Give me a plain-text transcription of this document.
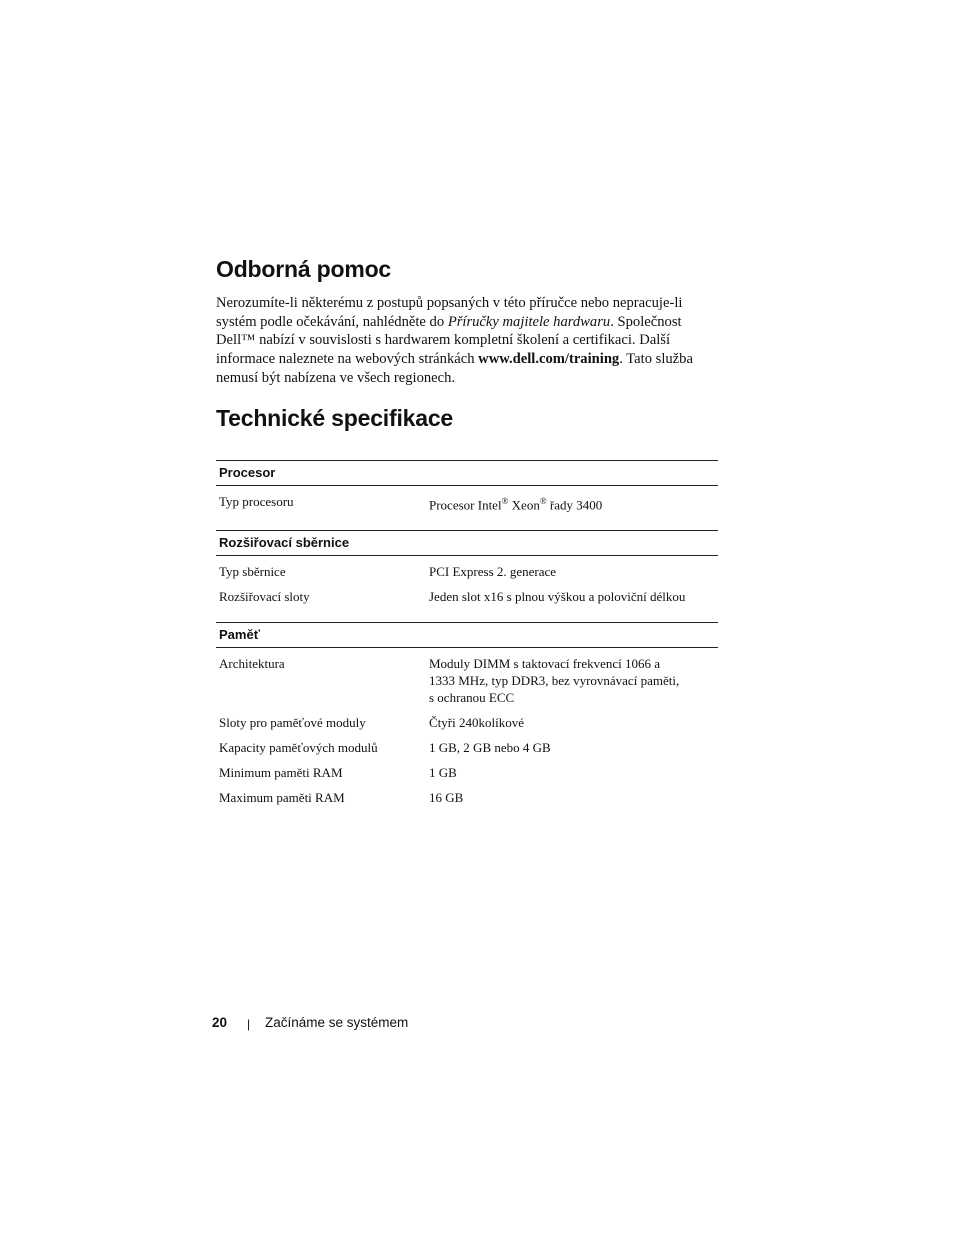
Odborná pomoc

Nerozumíte-li některému z postupů popsaných v této příručce nebo nepracuje-li systém podle očekávání, nahlédněte do Příručky majitele hardwaru. Společnost Dell™ nabízí v souvislosti s hardwarem kompletní školení a certifikaci. Další informace naleznete na webových stránkách www.dell.com/training. Tato služba nemusí být nabízena ve všech regionech.

Technické specifikace
Procesor	
Typ procesoru	Procesor Intel® Xeon® řady 3400

Rozšiřovací sběrnice	
Typ sběrnice	PCI Express 2. generace
Rozšiřovací sloty	Jeden slot x16 s plnou výškou a poloviční délkou

Paměť	
Architektura	Moduly DIMM s taktovací frekvencí 1066 a
1333 MHz, typ DDR3, bez vyrovnávací paměti,
s ochranou ECC
Sloty pro paměťové moduly	Čtyři 240kolíkové
Kapacity paměťových modulů	1 GB, 2 GB nebo 4 GB
Minimum paměti RAM	1 GB
Maximum paměti RAM	16 GB
20 | Začínáme se systémem
